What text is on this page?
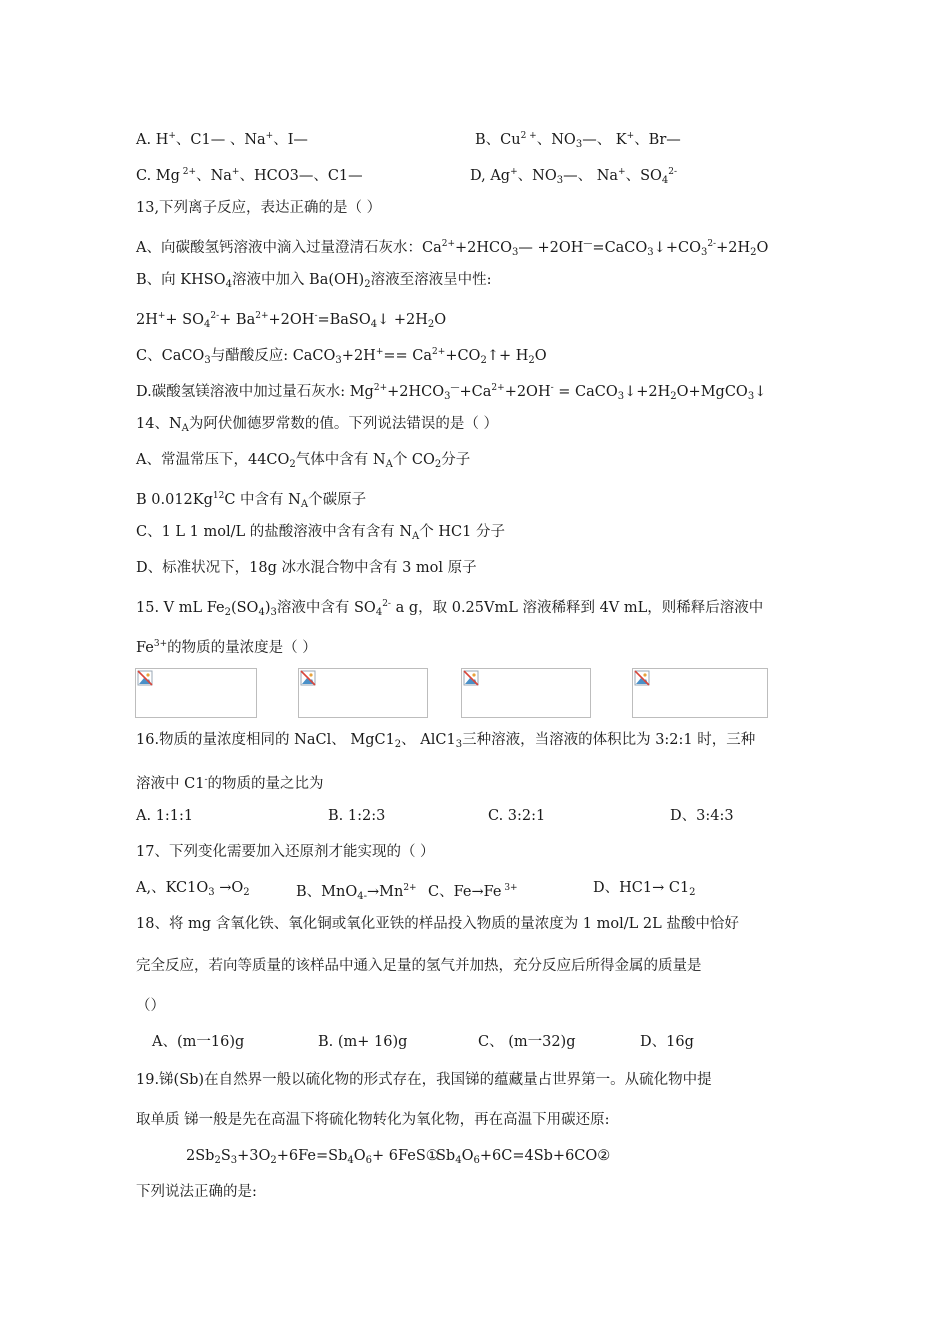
A. H+、C1— 、Na+、I—	B、$Cu^{2 +}$、$NO_3—$、 K+、Br—
C. Mg $^{2+}$、Na+、HCO3—、C1—	D, Ag+、$NO_3—$、 Na+、$SO_4^{2-}$
13,下列离子反应，表达正确的是（ ）
A、向碳酸氢钙溶液中滴入过量澄清石灰水：$Ca^{2+}+2HCO_3—$ $+2OH^—=CaCO_3↓+CO_3^{2-}+2H_2O$
B、向 $KHSO_4$溶液中加入 $Ba(OH)_2$溶液至溶液呈中性:
$2H^++ SO_4^{2-}+$ $Ba^{2+}+2OH^-=BaSO_4↓ +2H_2O$
C、CaCO$_3$与醋酸反应: CaCO$_3$+2H+== $Ca^{2+}+CO_2↑+ H_2O$
D.碳酸氢镁溶液中加过量石灰水: $Mg^{2+}+2HCO_3^—+Ca^{2+}+2OH^-$ = $CaCO_3↓+2H_2O+MgCO_3↓$
14、$N_A$为阿伏伽德罗常数的值。下列说法错误的是（ ）
A、常温常压下，$44CO_2$气体中含有 $N_A$个 $CO_2$分子
B 0.012Kg$^{12}$C 中含有 $N_A$个碳原子
C、1 L 1 mol/L 的盐酸溶液中含有含有 $N_A$个 HC1 分子
D、标准状况下，18g 冰水混合物中含有 3 mol 原子
15. V mL $Fe_2(SO_4)_3$溶液中含有 $SO_4^{2-}$ a g，取 0.25VmL 溶液稀释到 4V mL，则稀释后溶液中
$Fe^{3+}$的物质的量浓度是（ ）
16.物质的量浓度相同的 NaCl、 $MgC1_2$、 $AlC1_3$三种溶液，当溶液的体积比为 3:2:1 时，三种
溶液中 C1-的物质的量之比为
A. 1:1:1	B. 1:2:3	C. 3:2:1	D、3:4:3
17、下列变化需要加入还原剂才能实现的（ ）
A,、$KC1O_3 \to O_2$	B、$MnO_{4-}\to Mn^{2+}$ C、Fe→Fe $^{3+}$	D、$HC1\to C1_2$
18、将 mg 含氧化铁、氧化铜或氧化亚铁的样品投入物质的量浓度为 1 mol/L 2L 盐酸中恰好
完全反应，若向等质量的该样品中通入足量的氢气并加热，充分反应后所得金属的质量是
（）
A、(m一16)g	B. (m+ 16)g	C、 (m一32)g	D、16g
19.锑(Sb)在自然界一般以硫化物的形式存在，我国锑的蕴藏量占世界第一。从硫化物中提
取单质 锑一般是先在高温下将硫化物转化为氧化物，再在高温下用碳还原:
$2Sb_2S_3+3O_2+6Fe=Sb_4O_6+$ 6FeS①
$Sb_4O_6+6C=4Sb+6CO②$
下列说法正确的是:
